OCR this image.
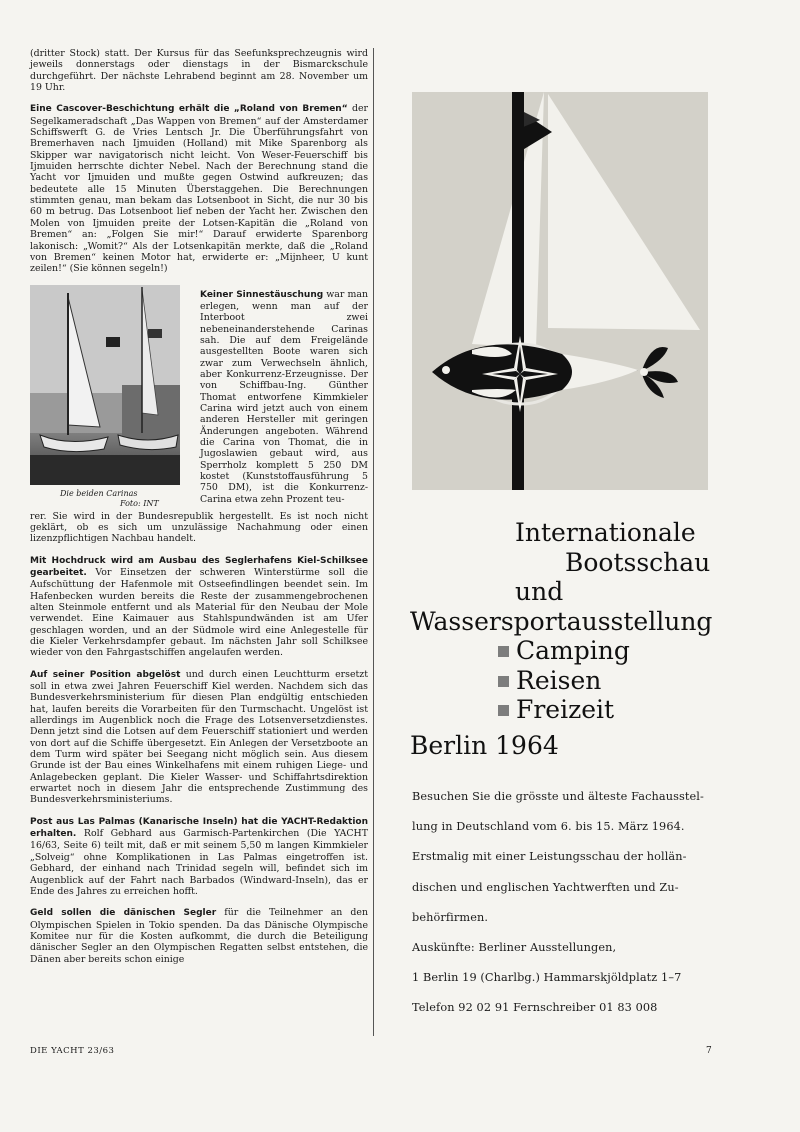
(dritter Stock) statt. Der Kursus für das Seefunksprechzeugnis wird jeweils donnerstags oder dienstags in der Bismarckschule durchgeführt. Der nächste Lehrabend beginnt am 28. November um 19 Uhr.

Eine Cascover-Beschichtung erhält die „Roland von Bremen“ der Segelkameradschaft „Das Wappen von Bremen“ auf der Amsterdamer Schiffswerft G. de Vries Lentsch Jr. Die Überführungsfahrt von Bremerhaven nach Ijmuiden (Holland) mit Mike Sparenborg als Skipper war navigatorisch nicht leicht. Von Weser-Feuerschiff bis Ijmuiden herrschte dichter Nebel. Nach der Berechnung stand die Yacht vor Ijmuiden und mußte gegen Ostwind aufkreuzen; das bedeutete alle 15 Minuten Überstaggehen. Die Berechnungen stimmten genau, man bekam das Lotsenboot in Sicht, die nur 30 bis 60 m betrug. Das Lotsenboot lief neben der Yacht her. Zwischen den Molen von Ijmuiden preite der Lotsen-Kapitän die „Roland von Bremen“ an: „Folgen Sie mir!“ Darauf erwiderte Sparenborg lakonisch: „Womit?“ Als der Lotsenkapitän merkte, daß die „Roland von Bremen“ keinen Motor hat, erwiderte er: „Mijnheer, U kunt zeilen!“ (Sie können segeln!)

Die beiden Carinas
Foto: INT
Keiner Sinnestäuschung war man erlegen, wenn man auf der Interboot zwei nebeneinanderstehende Carinas sah. Die auf dem Freigelände ausgestellten Boote waren sich zwar zum Verwechseln ähnlich, aber Konkurrenz-Erzeugnisse. Der von Schiffbau-Ing. Günther Thomat entworfene Kimmkieler Carina wird jetzt auch von einem anderen Hersteller mit geringen Änderungen angeboten. Während die Carina von Thomat, die in Jugoslawien gebaut wird, aus Sperrholz komplett 5 250 DM kostet (Kunststoffausführung 5 750 DM), ist die Konkurrenz-Carina etwa zehn Prozent teu-

rer. Sie wird in der Bundesrepublik hergestellt. Es ist noch nicht geklärt, ob es sich um unzulässige Nachahmung oder einen lizenzpflichtigen Nachbau handelt.

Mit Hochdruck wird am Ausbau des Seglerhafens Kiel-Schilksee gearbeitet. Vor Einsetzen der schweren Winterstürme soll die Aufschüttung der Hafenmole mit Ostseefindlingen beendet sein. Im Hafenbecken wurden bereits die Reste der zusammengebrochenen alten Steinmole entfernt und als Material für den Neubau der Mole verwendet. Eine Kaimauer aus Stahlspundwänden ist am Ufer geschlagen worden, und an der Südmole wird eine Anlegestelle für die Kieler Verkehrsdampfer gebaut. Im nächsten Jahr soll Schilksee wieder von den Fahrgastschiffen angelaufen werden.

Auf seiner Position abgelöst und durch einen Leuchtturm ersetzt soll in etwa zwei Jahren Feuerschiff Kiel werden. Nachdem sich das Bundesverkehrsministerium für diesen Plan endgültig entschieden hat, laufen bereits die Vorarbeiten für den Turmschacht. Ungelöst ist allerdings im Augenblick noch die Frage des Lotsenversetzdienstes. Denn jetzt sind die Lotsen auf dem Feuerschiff stationiert und werden von dort auf die Schiffe übergesetzt. Ein Anlegen der Versetzboote an dem Turm wird später bei Seegang nicht möglich sein. Aus diesem Grunde ist der Bau eines Winkelhafens mit einem ruhigen Liege- und Anlagebecken geplant. Die Kieler Wasser- und Schiffahrtsdirektion erwartet noch in diesem Jahr die entsprechende Zustimmung des Bundesverkehrsministeriums.

Post aus Las Palmas (Kanarische Inseln) hat die YACHT-Redaktion erhalten. Rolf Gebhard aus Garmisch-Partenkirchen (Die YACHT 16/63, Seite 6) teilt mit, daß er mit seinem 5,50 m langen Kimmkieler „Solveig“ ohne Komplikationen in Las Palmas eingetroffen ist. Gebhard, der einhand nach Trinidad segeln will, befindet sich im Augenblick auf der Fahrt nach Barbados (Windward-Inseln), das er Ende des Jahres zu erreichen hofft.

Geld sollen die dänischen Segler für die Teilnehmer an den Olympischen Spielen in Tokio spenden. Da das Dänische Olympische Komitee nur für die Kosten aufkommt, die durch die Beteiligung dänischer Segler an den Olympischen Regatten selbst entstehen, die Dänen aber bereits schon einige

DIE YACHT 23/63	7
Internationale
Bootsschau
und
Wassersportausstellung
Camping
Reisen
Freizeit
Berlin 1964
Besuchen Sie die grösste und älteste Fachausstel-
lung in Deutschland vom 6. bis 15. März 1964.
Erstmalig mit einer Leistungsschau der hollän-
dischen und englischen Yachtwerften und Zu-
behörfirmen.
Auskünfte: Berliner Ausstellungen,
1 Berlin 19 (Charlbg.) Hammarskjöldplatz 1–7
Telefon 92 02 91 Fernschreiber 01 83 008
